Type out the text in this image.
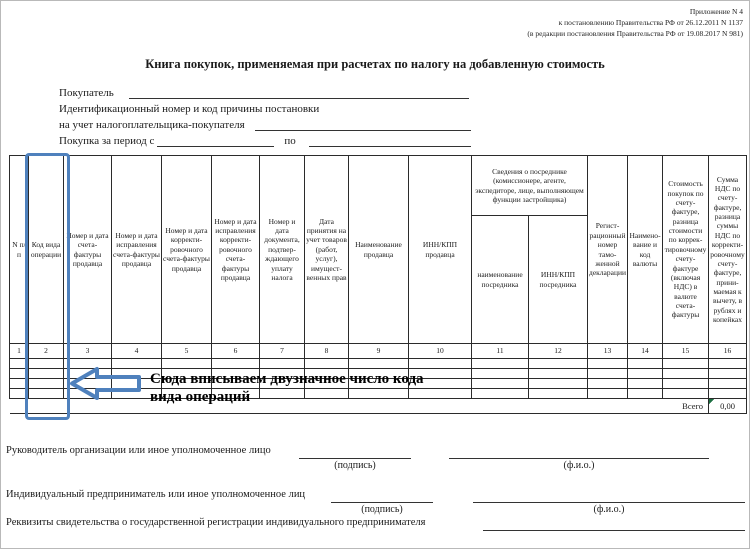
Приложение N 4
к постановлению Правительства РФ от 26.12.2011 N 1137
(в редакции постановления Правительства РФ от 19.08.2017 N 981)
Книга покупок, применяемая при расчетах по налогу на добавленную стоимость
Покупатель
Идентификационный номер и код причины постановки
на учет налогоплательщика-покупателя
Покупка за период с	по
N п/п	Код вида операции	Номер и дата счета-фактуры продавца	Номер и дата исправления счета-фактуры продавца	Номер и дата корректировочного счета-фактуры продавца	Номер и дата исправления корректировочного счета-фактуры продавца	Номер и дата документа, подтверждающего уплату налога	Дата принятия на учет товаров (работ, услуг), имущественных прав	Наименование продавца	ИНН/КПП продавца	Сведения о посреднике (комиссионере, агенте, экспедиторе, лице, выполняющем функции застройщика)		Регистрационный номер таможенной декларации	Наименование и код валюты	Стоимость покупок по счету-фактуре, разница стоимости по корректировочному счету-фактуре (включая НДС) в валюте счета-фактуры	Сумма НДС по счету-фактуре, разница суммы НДС по корректировочному счету-фактуре, принимаемая к вычету, в рублях и копейках
										наименование посредника	ИНН/КПП посредника				
1	2	3	4	5	6	7	8	9	10	11	12	13	14	15	16

														Всего	0,00
Сюда вписываем двузначное число кода
вида операций
Руководитель организации или иное уполномоченное лицо
(подпись)	(ф.и.о.)
Индивидуальный предприниматель или иное уполномоченное лиц
(подпись)	(ф.и.о.)
Реквизиты свидетельства о государственной регистрации индивидуального предпринимателя
